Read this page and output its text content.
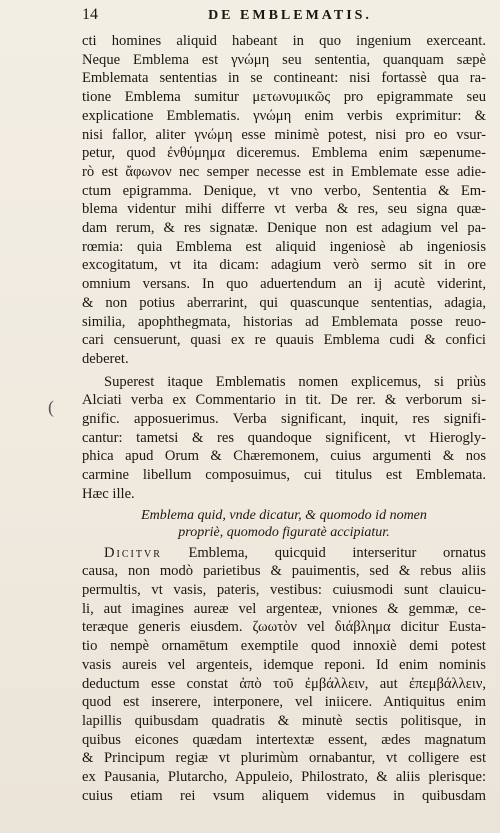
(
14	DE EMBLEMATIS.
cti homines aliquid habeant in quo ingenium exerceant.
Neque Emblema est γνώμη seu sententia, quanquam sæpè
Emblemata sententias in se contineant: nisi fortassè qua ra-
tione Emblema sumitur μετωνυμικῶς pro epigrammate seu
explicatione Emblematis. γνώμη enim verbis exprimitur: &
nisi fallor, aliter γνώμη esse minimè potest, nisi pro eo vsur-
petur, quod ἐνθύμημα diceremus. Emblema enim sæpenume-
rò est ἄφωνον nec semper necesse est in Emblemate esse adie-
ctum epigramma. Denique, vt vno verbo, Sententia & Em-
blema videntur mihi differre vt verba & res, seu signa quæ-
dam rerum, & res signatæ. Denique non est adagium vel pa-
rœmia: quia Emblema est aliquid ingeniosè ab ingeniosis
excogitatum, vt ita dicam: adagium verò sermo sit in ore
omnium versans. In quo aduertendum an ij acutè viderint,
& non potius aberrarint, qui quascunque sententias, adagia,
similia, apophthegmata, historias ad Emblemata posse reuo-
cari censuerunt, quasi ex re quauis Emblema cudi & confici
deberet.
Superest itaque Emblematis nomen explicemus, si priùs
Alciati verba ex Commentario in tit. De rer. & verborum si-
gnific. apposuerimus. Verba significant, inquit, res signifi-
cantur: tametsi & res quandoque significent, vt Hierogly-
phica apud Orum & Chæremonem, cuius argumenti & nos
carmine libellum composuimus, cui titulus est Emblemata.
Hæc ille.
Emblema quid, vnde dicatur, & quomodo id nomen
propriè, quomodo figuratè accipiatur.
Dicitvr Emblema, quicquid interseritur ornatus
causa, non modò parietibus & pauimentis, sed & rebus aliis
permultis, vt vasis, pateris, vestibus: cuiusmodi sunt clauicu-
li, aut imagines aureæ vel argenteæ, vniones & gemmæ, ce-
teræque generis eiusdem. ζωωτὸν vel διάβλημα dicitur Eusta-
tio nempè ornamētum exemptile quod innoxiè demi potest
vasis aureis vel argenteis, idemque reponi. Id enim nominis
deductum esse constat ἀπὸ τοῦ ἐμβάλλειν, aut ἐπεμβάλλειν,
quod est inserere, interponere, vel iniicere. Antiquitus enim
lapillis quibusdam quadratis & minutè sectis politisque, in
quibus eicones quædam intertextæ essent, ædes magnatum
& Principum regiæ vt plurimùm ornabantur, vt colligere est
ex Pausania, Plutarcho, Appuleio, Philostrato, & aliis plerisque:
cuius etiam rei vsum aliquem videmus in quibusdam
